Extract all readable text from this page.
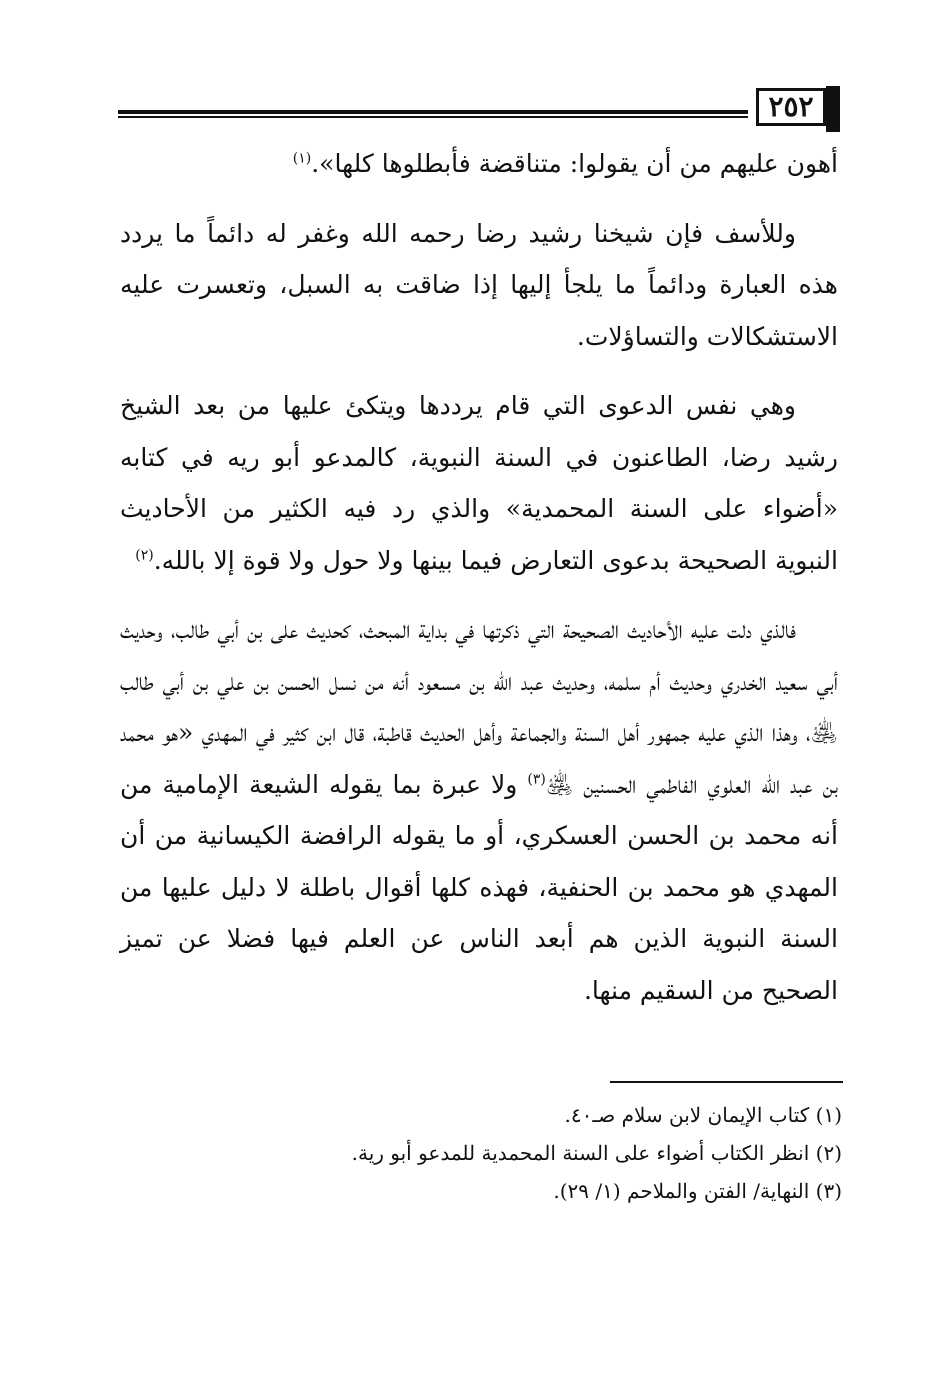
٢٥٢

أهون عليهم من أن يقولوا: متناقضة فأبطلوها كلها».$^{(١)}$

وللأسف فإن شيخنا رشيد رضا رحمه الله وغفر له دائماً ما يردد هذه العبارة ودائماً ما يلجأ إليها إذا ضاقت به السبل، وتعسرت عليه الاستشكالات والتساؤلات.

وهي نفس الدعوى التي قام يرددها ويتكئ عليها من بعد الشيخ رشيد رضا، الطاعنون في السنة النبوية، كالمدعو أبو ريه في كتابه «أضواء على السنة المحمدية» والذي رد فيه الكثير من الأحاديث النبوية الصحيحة بدعوى التعارض فيما بينها ولا حول ولا قوة إلا بالله.$^{(٢)}$

فالذي دلت عليه الأحاديث الصحيحة التي ذكرتها في بداية المبحث، كحديث على بن أبي طالب، وحديث أبي سعيد الخدري وحديث أم سلمه، وحديث عبد الله بن مسعود أنه من نسل الحسن بن علي بن أبي طالب ﵁، وهذا الذي عليه جمهور أهل السنة والجماعة وأهل الحديث قاطبة، قال ابن كثير في المهدي «هو محمد بن عبد الله العلوي الفاطمي الحسنين ﵁$^{(٣)}$ ولا عبرة بما يقوله الشيعة الإمامية من أنه محمد بن الحسن العسكري، أو ما يقوله الرافضة الكيسانية من أن المهدي هو محمد بن الحنفية، فهذه كلها أقوال باطلة لا دليل عليها من السنة النبوية الذين هم أبعد الناس عن العلم فيها فضلا عن تميز الصحيح من السقيم منها.

(١) كتاب الإيمان لابن سلام صـ٤٠.
(٢) انظر الكتاب أضواء على السنة المحمدية للمدعو أبو رية.
(٣) النهاية/ الفتن والملاحم (١/ ٢٩).
